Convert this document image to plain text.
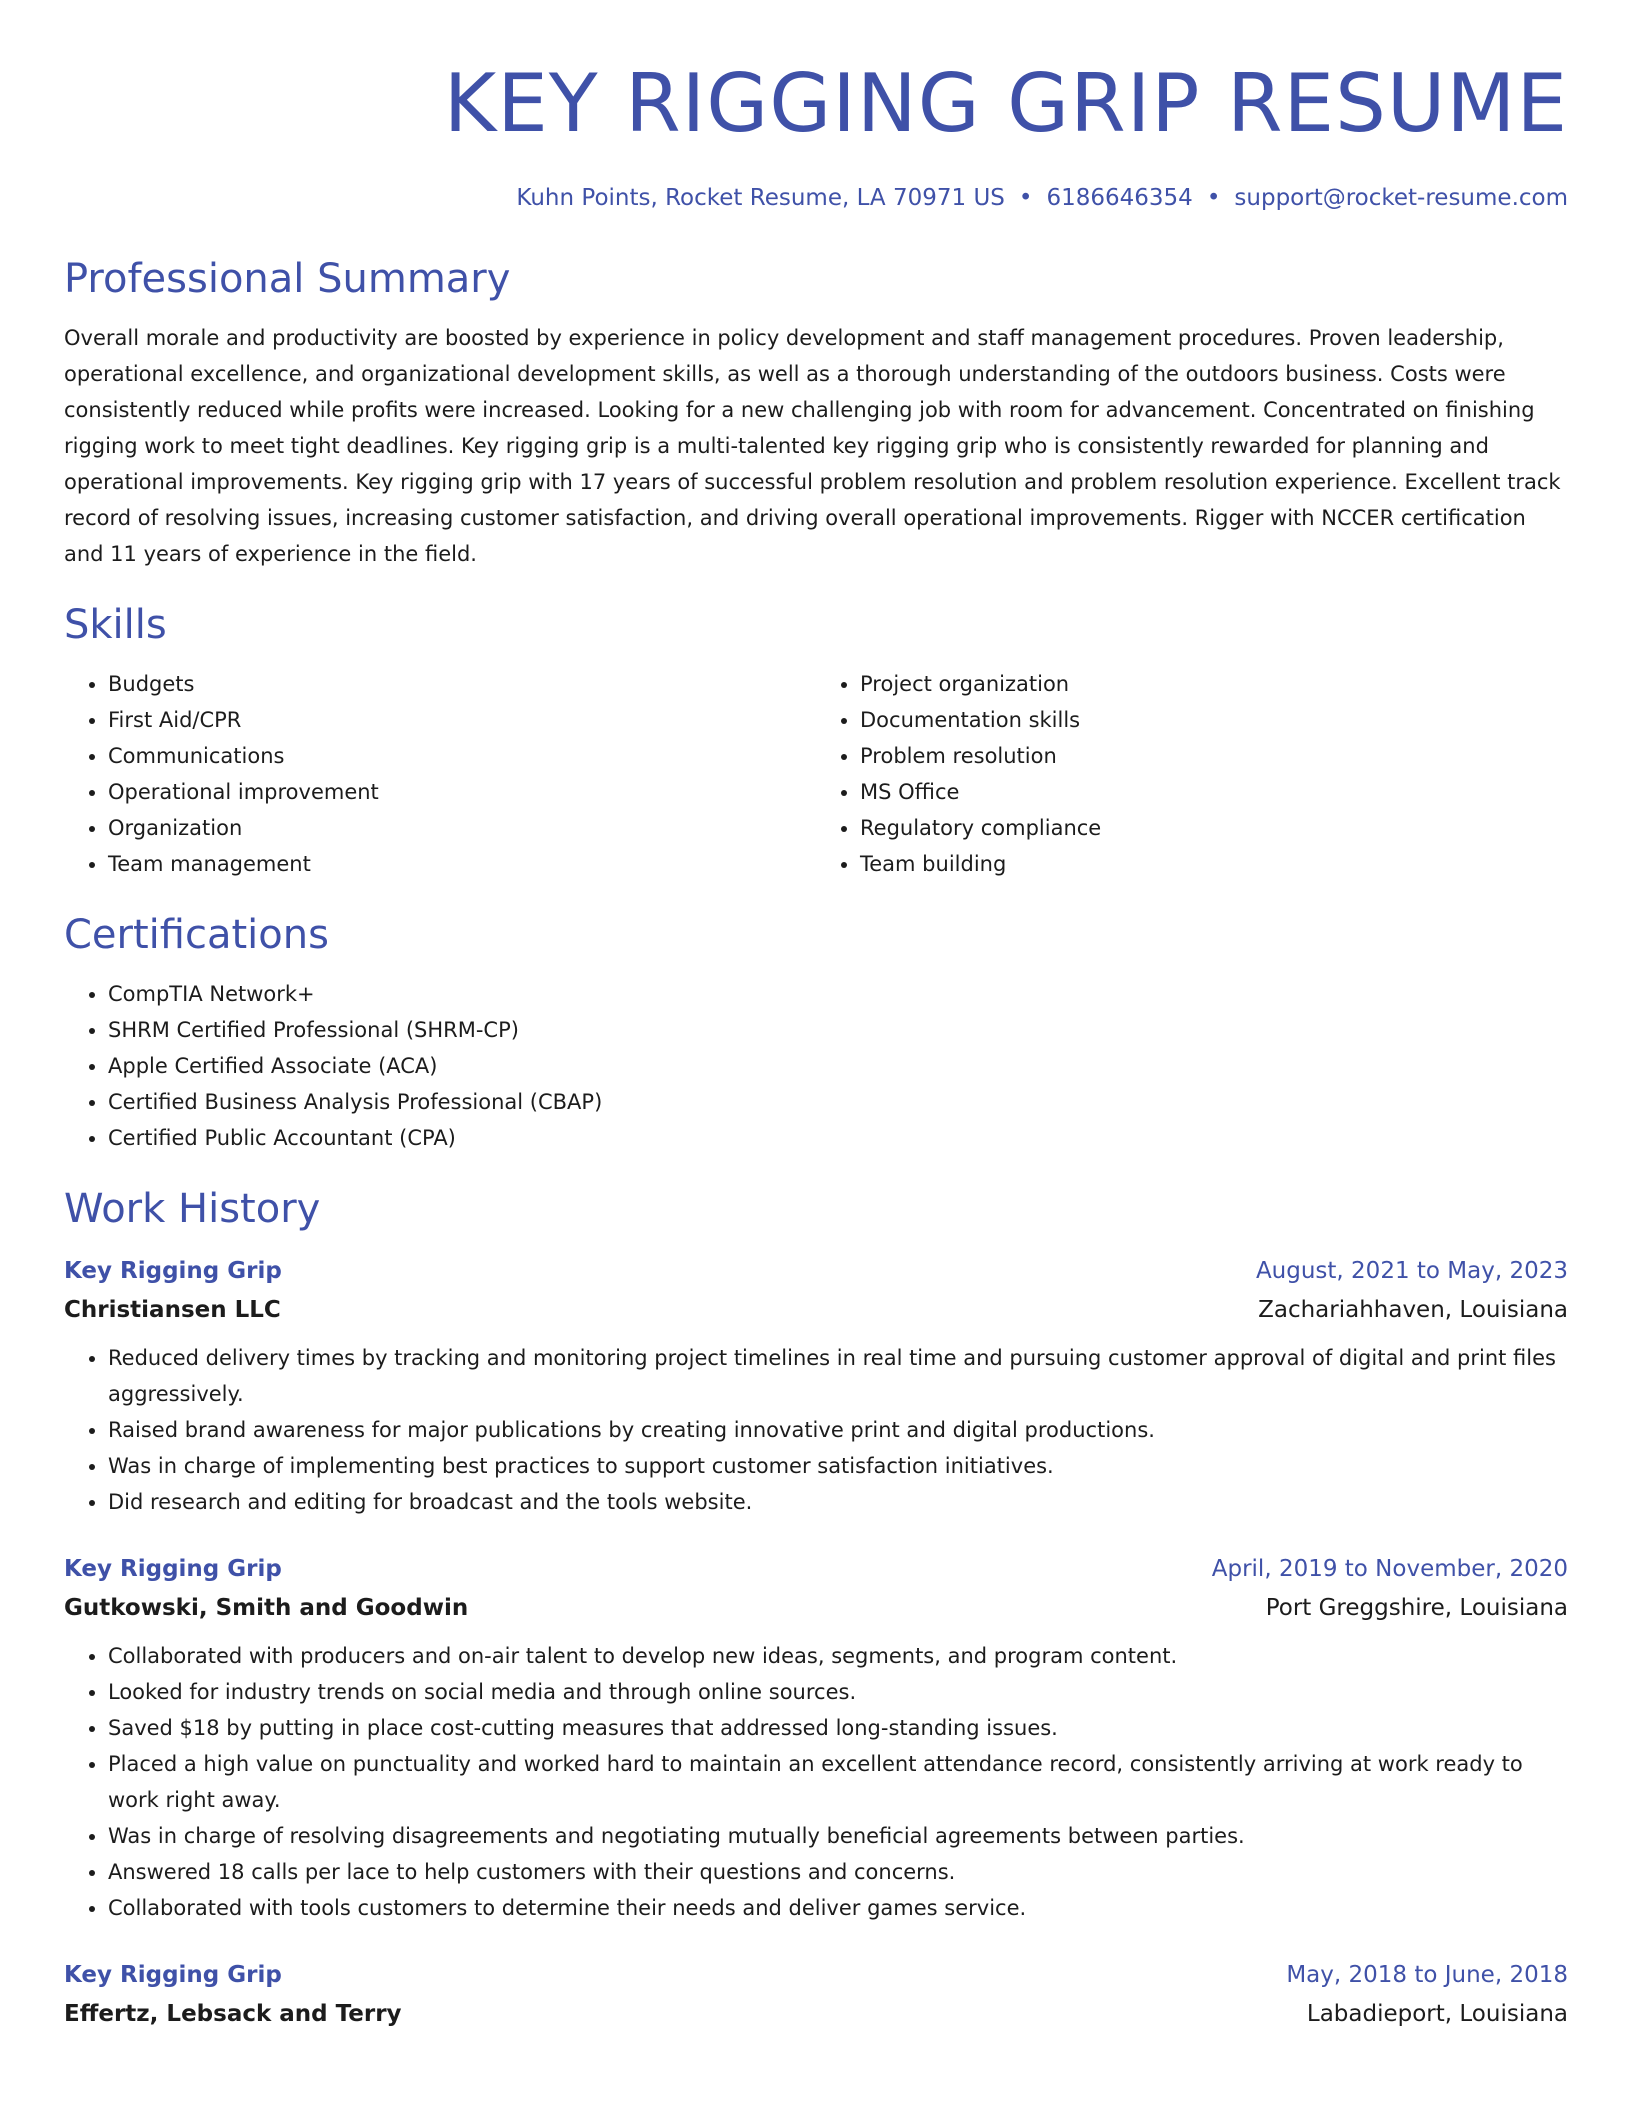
KEY RIGGING GRIP RESUME
Kuhn Points, Rocket Resume, LA 70971 US • 6186646354 • support@rocket-resume.com
Professional Summary

Overall morale and productivity are boosted by experience in policy development and staff management procedures. Proven leadership, operational excellence, and organizational development skills, as well as a thorough understanding of the outdoors business. Costs were consistently reduced while profits were increased. Looking for a new challenging job with room for advancement. Concentrated on finishing rigging work to meet tight deadlines. Key rigging grip is a multi-talented key rigging grip who is consistently rewarded for planning and operational improvements. Key rigging grip with 17 years of successful problem resolution and problem resolution experience. Excellent track record of resolving issues, increasing customer satisfaction, and driving overall operational improvements. Rigger with NCCER certification and 11 years of experience in the field.

Skills
• Budgets
• First Aid/CPR
• Communications
• Operational improvement
• Organization
• Team management
• Project organization
• Documentation skills
• Problem resolution
• MS Office
• Regulatory compliance
• Team building
Certifications
• CompTIA Network+
• SHRM Certified Professional (SHRM-CP)
• Apple Certified Associate (ACA)
• Certified Business Analysis Professional (CBAP)
• Certified Public Accountant (CPA)
Work History
Key Rigging Grip	August, 2021 to May, 2023
Christiansen LLC	Zachariahhaven, Louisiana
• Reduced delivery times by tracking and monitoring project timelines in real time and pursuing customer approval of digital and print files aggressively.
• Raised brand awareness for major publications by creating innovative print and digital productions.
• Was in charge of implementing best practices to support customer satisfaction initiatives.
• Did research and editing for broadcast and the tools website.
Key Rigging Grip	April, 2019 to November, 2020
Gutkowski, Smith and Goodwin	Port Greggshire, Louisiana
• Collaborated with producers and on-air talent to develop new ideas, segments, and program content.
• Looked for industry trends on social media and through online sources.
• Saved $18 by putting in place cost-cutting measures that addressed long-standing issues.
• Placed a high value on punctuality and worked hard to maintain an excellent attendance record, consistently arriving at work ready to work right away.
• Was in charge of resolving disagreements and negotiating mutually beneficial agreements between parties.
• Answered 18 calls per lace to help customers with their questions and concerns.
• Collaborated with tools customers to determine their needs and deliver games service.
Key Rigging Grip	May, 2018 to June, 2018
Effertz, Lebsack and Terry	Labadieport, Louisiana
